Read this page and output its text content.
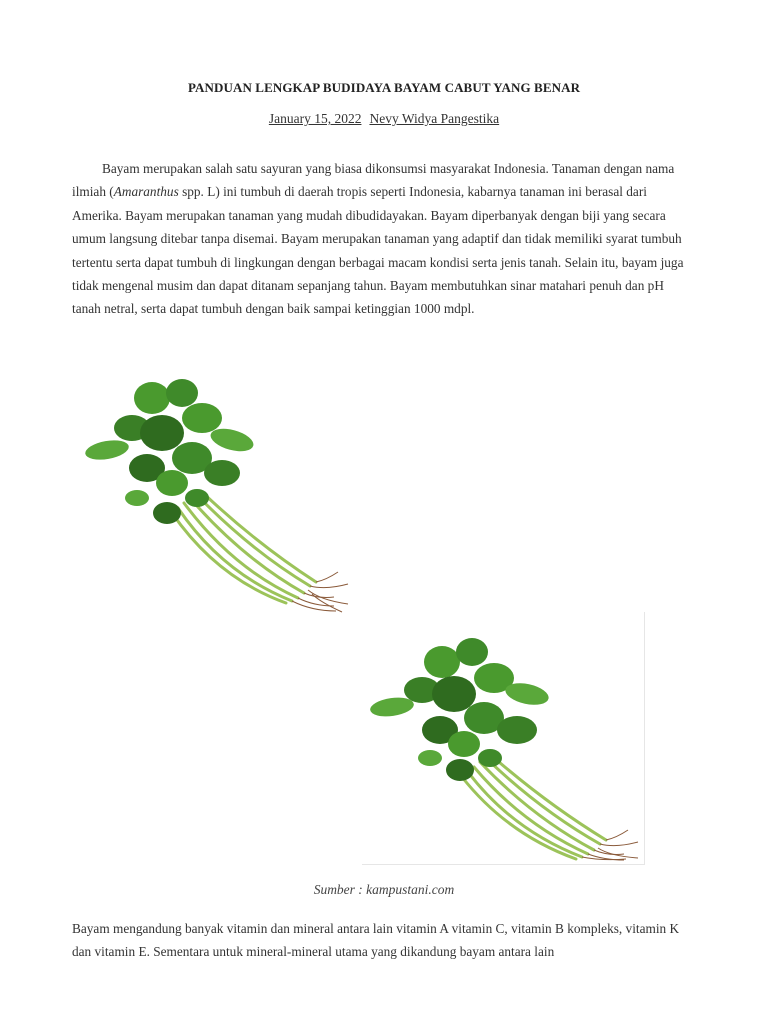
PANDUAN LENGKAP BUDIDAYA BAYAM CABUT YANG BENAR
January 15, 2022 Nevy Widya Pangestika

Bayam merupakan salah satu sayuran yang biasa dikonsumsi masyarakat Indonesia. Tanaman dengan nama ilmiah (Amaranthus spp. L) ini tumbuh di daerah tropis seperti Indonesia, kabarnya tanaman ini berasal dari Amerika. Bayam merupakan tanaman yang mudah dibudidayakan. Bayam diperbanyak dengan biji yang secara umum langsung ditebar tanpa disemai. Bayam merupakan tanaman yang adaptif dan tidak memiliki syarat tumbuh tertentu serta dapat tumbuh di lingkungan dengan berbagai macam kondisi serta jenis tanah. Selain itu, bayam juga tidak mengenal musim dan dapat ditanam sepanjang tahun. Bayam membutuhkan sinar matahari penuh dan pH tanah netral, serta dapat tumbuh dengan baik sampai ketinggian 1000 mdpl.

Sumber : kampustani.com

Bayam mengandung banyak vitamin dan mineral antara lain vitamin A vitamin C, vitamin B kompleks, vitamin K dan vitamin E. Sementara untuk mineral-mineral utama yang dikandung bayam antara lain
